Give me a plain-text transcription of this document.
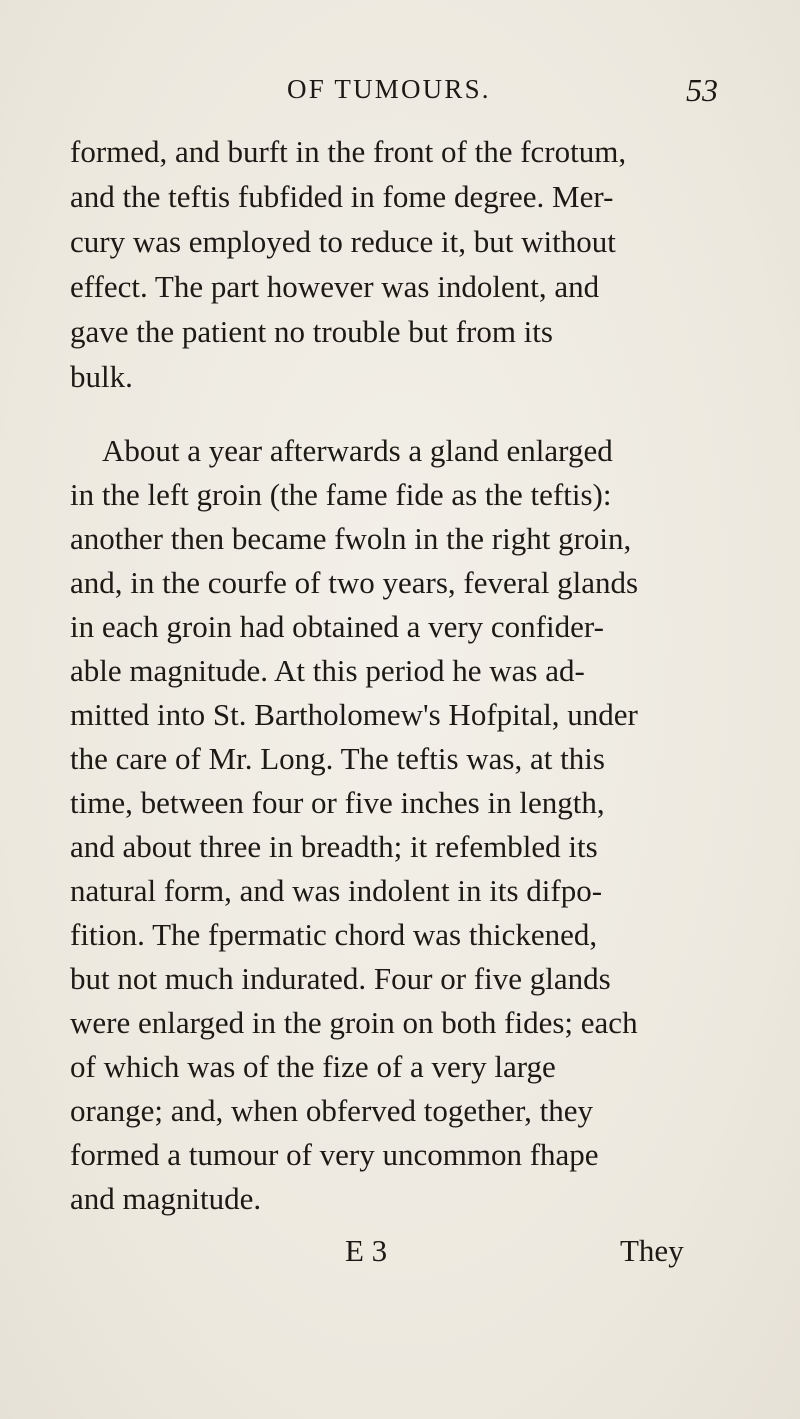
OF TUMOURS.	53
formed, and burft in the front of the fcrotum,
and the teftis fubfided in fome degree. Mer-
cury was employed to reduce it, but without
effect. The part however was indolent, and
gave the patient no trouble but from its
bulk.
About a year afterwards a gland enlarged
in the left groin (the fame fide as the teftis):
another then became fwoln in the right groin,
and, in the courfe of two years, feveral glands
in each groin had obtained a very confider-
able magnitude. At this period he was ad-
mitted into St. Bartholomew's Hofpital, under
the care of Mr. Long. The teftis was, at this
time, between four or five inches in length,
and about three in breadth; it refembled its
natural form, and was indolent in its difpo-
fition. The fpermatic chord was thickened,
but not much indurated. Four or five glands
were enlarged in the groin on both fides; each
of which was of the fize of a very large
orange; and, when obferved together, they
formed a tumour of very uncommon fhape
and magnitude.
E 3	They
